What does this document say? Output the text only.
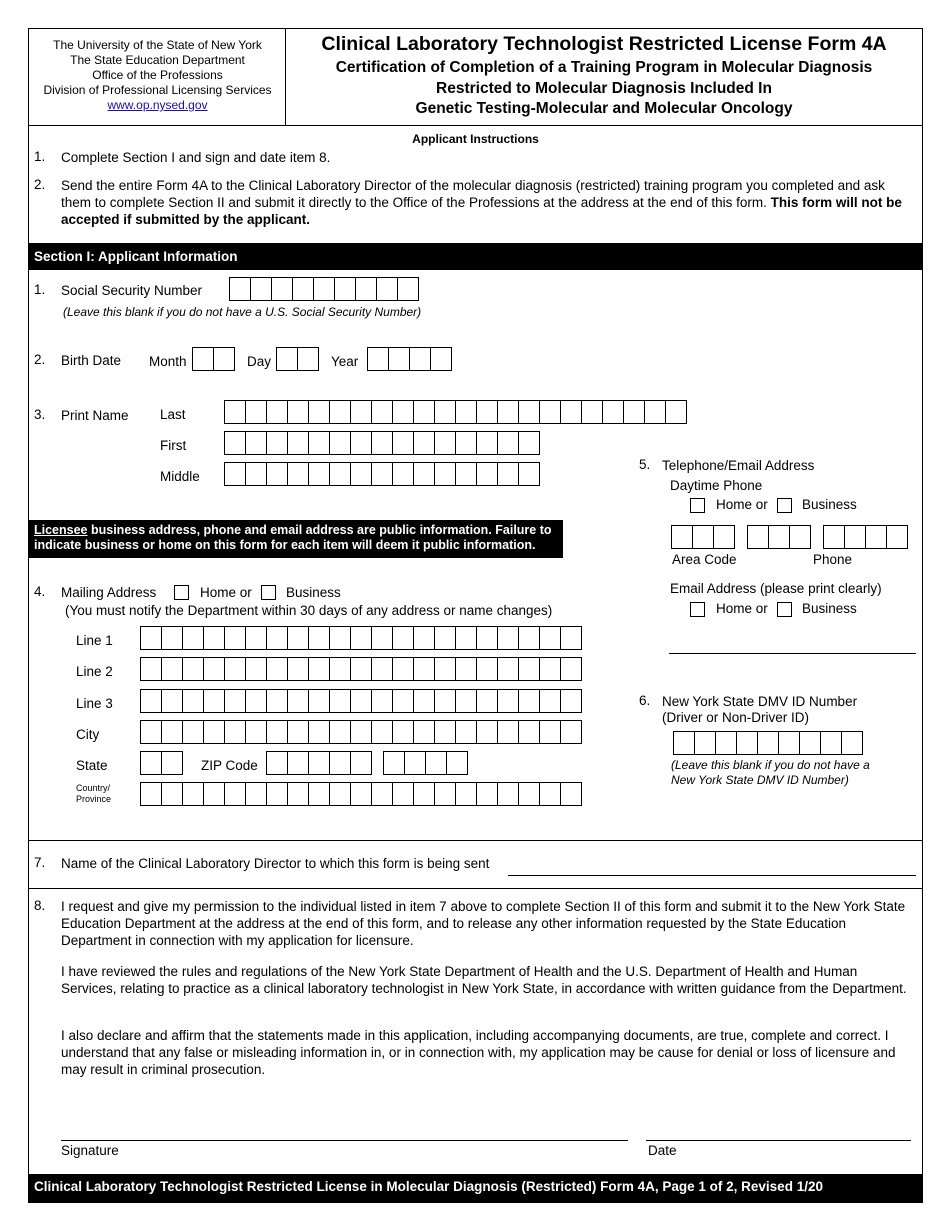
The University of the State of New York
The State Education Department
Office of the Professions
Division of Professional Licensing Services
www.op.nysed.gov
Clinical Laboratory Technologist Restricted License Form 4A
Certification of Completion of a Training Program in Molecular Diagnosis
Restricted to Molecular Diagnosis Included In
Genetic Testing-Molecular and Molecular Oncology
Applicant Instructions
1. Complete Section I and sign and date item 8.
2. Send the entire Form 4A to the Clinical Laboratory Director of the molecular diagnosis (restricted) training program you completed and ask them to complete Section II and submit it directly to the Office of the Professions at the address at the end of this form. This form will not be accepted if submitted by the applicant.
Section I: Applicant Information
1. Social Security Number
(Leave this blank if you do not have a U.S. Social Security Number)
2. Birth Date Month	Day	Year
3. Print Name Last
First
Middle
Licensee business address, phone and email address are public information. Failure to indicate business or home on this form for each item will deem it public information.
4. Mailing Address	Home or	Business
(You must notify the Department within 30 days of any address or name changes)
Line 1
Line 2
Line 3
City
State	ZIP Code
Country/
Province
5. Telephone/Email Address
Daytime Phone
Home or	Business
Area Code	Phone
Email Address (please print clearly)
Home or	Business
6. New York State DMV ID Number
(Driver or Non-Driver ID)
(Leave this blank if you do not have a
New York State DMV ID Number)
7. Name of the Clinical Laboratory Director to which this form is being sent
8. I request and give my permission to the individual listed in item 7 above to complete Section II of this form and submit it to the New York State Education Department at the address at the end of this form, and to release any other information requested by the State Education Department in connection with my application for licensure.
I have reviewed the rules and regulations of the New York State Department of Health and the U.S. Department of Health and Human Services, relating to practice as a clinical laboratory technologist in New York State, in accordance with written guidance from the Department.
I also declare and affirm that the statements made in this application, including accompanying documents, are true, complete and correct. I understand that any false or misleading information in, or in connection with, my application may be cause for denial or loss of licensure and may result in criminal prosecution.
Signature	Date
Clinical Laboratory Technologist Restricted License in Molecular Diagnosis (Restricted) Form 4A, Page 1 of 2, Revised 1/20
